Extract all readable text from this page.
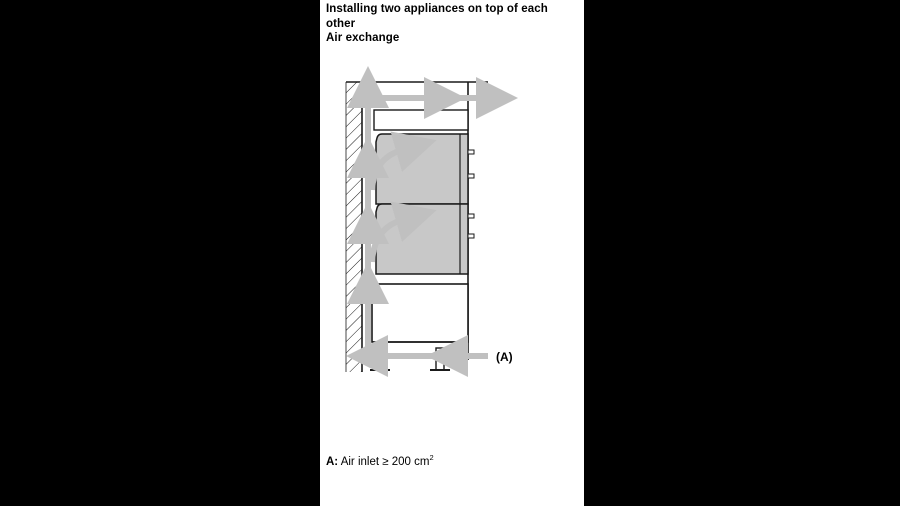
Installing two appliances on top of each other
Air exchange
(A)
A: Air inlet ≥ 200 $cm^2$
